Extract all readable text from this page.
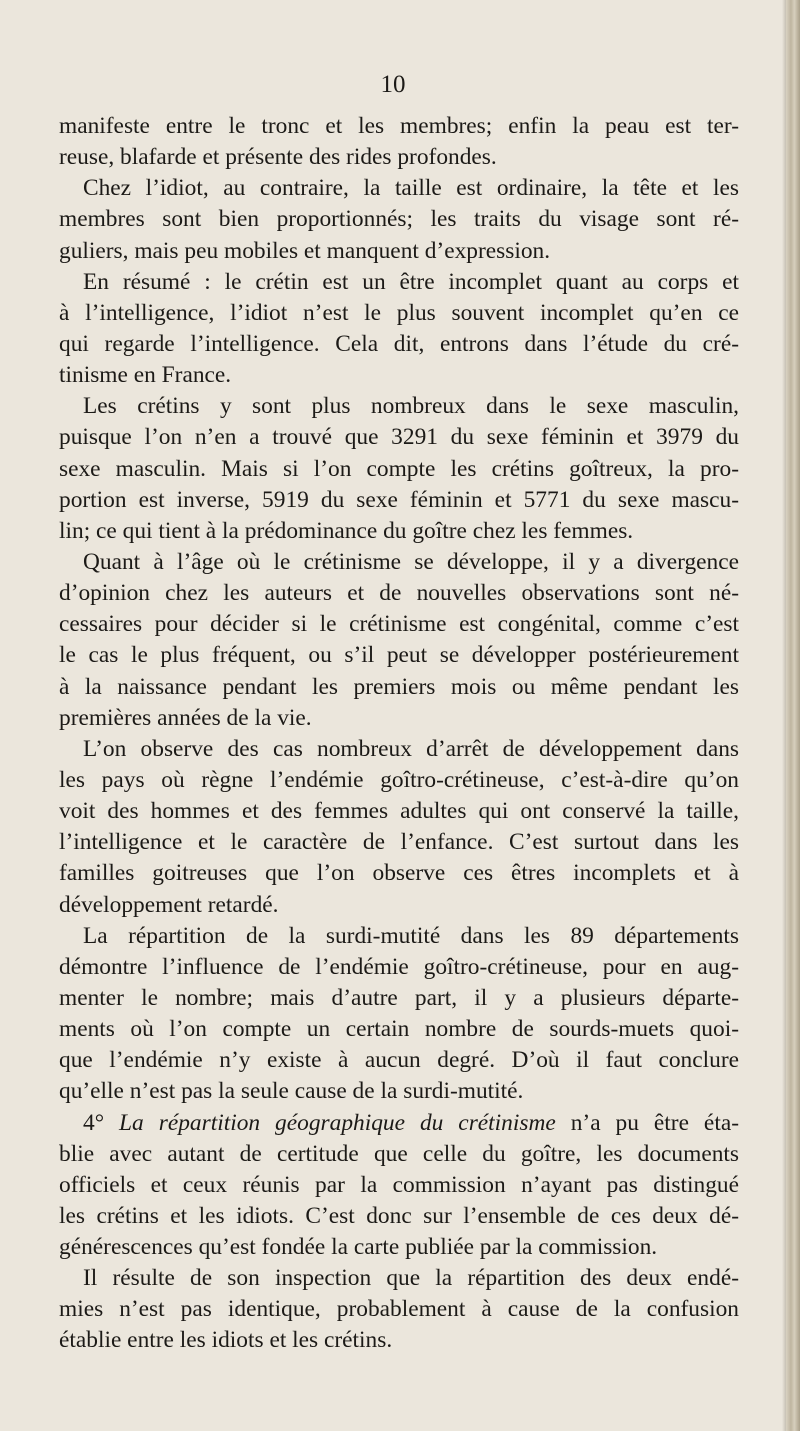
10
manifeste entre le tronc et les membres; enfin la peau est ter-
reuse, blafarde et présente des rides profondes.
Chez l’idiot, au contraire, la taille est ordinaire, la tête et les
membres sont bien proportionnés; les traits du visage sont ré-
guliers, mais peu mobiles et manquent d’expression.
En résumé : le crétin est un être incomplet quant au corps et
à l’intelligence, l’idiot n’est le plus souvent incomplet qu’en ce
qui regarde l’intelligence. Cela dit, entrons dans l’étude du cré-
tinisme en France.
Les crétins y sont plus nombreux dans le sexe masculin,
puisque l’on n’en a trouvé que 3291 du sexe féminin et 3979 du
sexe masculin. Mais si l’on compte les crétins goîtreux, la pro-
portion est inverse, 5919 du sexe féminin et 5771 du sexe mascu-
lin; ce qui tient à la prédominance du goître chez les femmes.
Quant à l’âge où le crétinisme se développe, il y a divergence
d’opinion chez les auteurs et de nouvelles observations sont né-
cessaires pour décider si le crétinisme est congénital, comme c’est
le cas le plus fréquent, ou s’il peut se développer postérieurement
à la naissance pendant les premiers mois ou même pendant les
premières années de la vie.
L’on observe des cas nombreux d’arrêt de développement dans
les pays où règne l’endémie goîtro-crétineuse, c’est-à-dire qu’on
voit des hommes et des femmes adultes qui ont conservé la taille,
l’intelligence et le caractère de l’enfance. C’est surtout dans les
familles goitreuses que l’on observe ces êtres incomplets et à
développement retardé.
La répartition de la surdi-mutité dans les 89 départements
démontre l’influence de l’endémie goîtro-crétineuse, pour en aug-
menter le nombre; mais d’autre part, il y a plusieurs départe-
ments où l’on compte un certain nombre de sourds-muets quoi-
que l’endémie n’y existe à aucun degré. D’où il faut conclure
qu’elle n’est pas la seule cause de la surdi-mutité.
4° La répartition géographique du crétinisme n’a pu être éta-
blie avec autant de certitude que celle du goître, les documents
officiels et ceux réunis par la commission n’ayant pas distingué
les crétins et les idiots. C’est donc sur l’ensemble de ces deux dé-
générescences qu’est fondée la carte publiée par la commission.
Il résulte de son inspection que la répartition des deux endé-
mies n’est pas identique, probablement à cause de la confusion
établie entre les idiots et les crétins.
